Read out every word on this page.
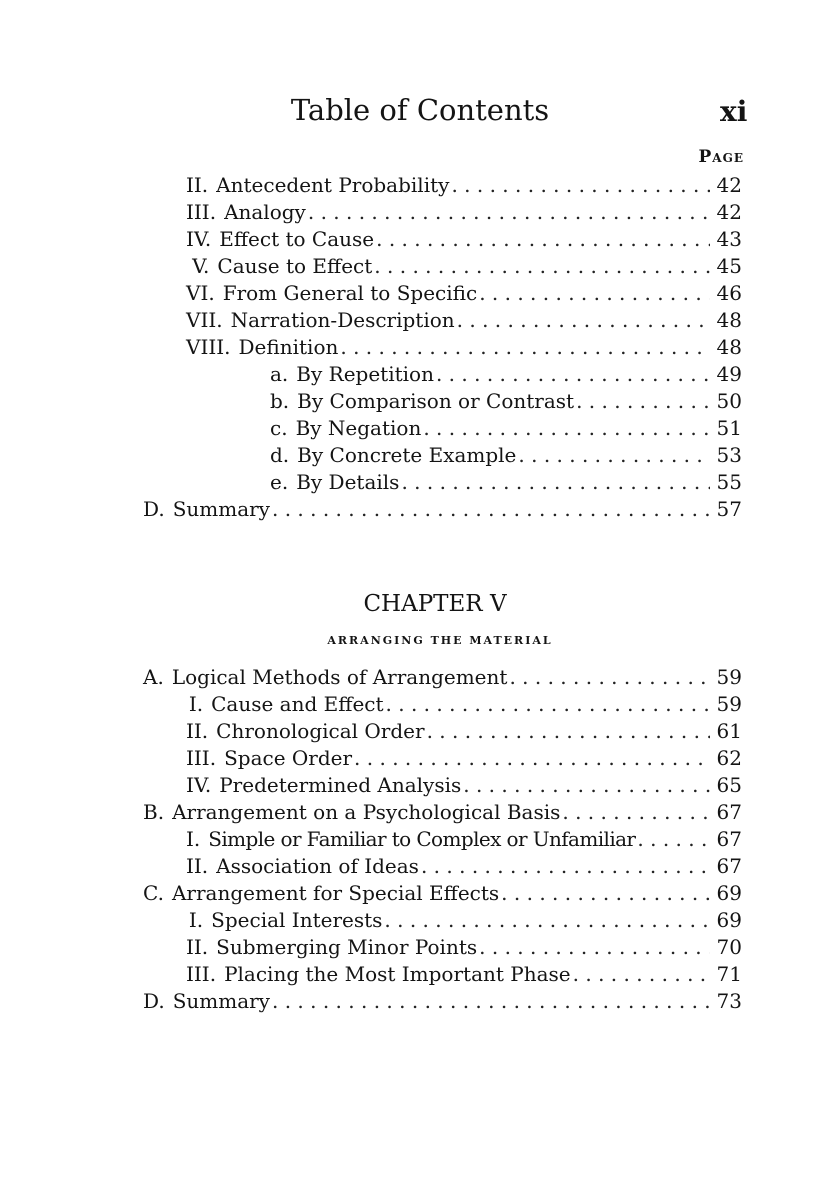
Table of Contents	xi
Page
II. Antecedent Probability . . .	42
III. Analogy . . .	42
IV. Effect to Cause . . .	43
V. Cause to Effect . . .	45
VI. From General to Specific . . .	46
VII. Narration-Description . . .	48
VIII. Definition . . .	48
a. By Repetition . . .	49
b. By Comparison or Contrast . . .	50
c. By Negation . . .	51
d. By Concrete Example . . .	53
e. By Details . . .	55
D. Summary . . .	57
CHAPTER V
ARRANGING THE MATERIAL
A. Logical Methods of Arrangement . . .	59
I. Cause and Effect . . .	59
II. Chronological Order . . .	61
III. Space Order . . .	62
IV. Predetermined Analysis . . .	65
B. Arrangement on a Psychological Basis . . .	67
I. Simple or Familiar to Complex or Unfamiliar . . .	67
II. Association of Ideas . . .	67
C. Arrangement for Special Effects . . .	69
I. Special Interests . . .	69
II. Submerging Minor Points . . .	70
III. Placing the Most Important Phase . . .	71
D. Summary . . .	73
